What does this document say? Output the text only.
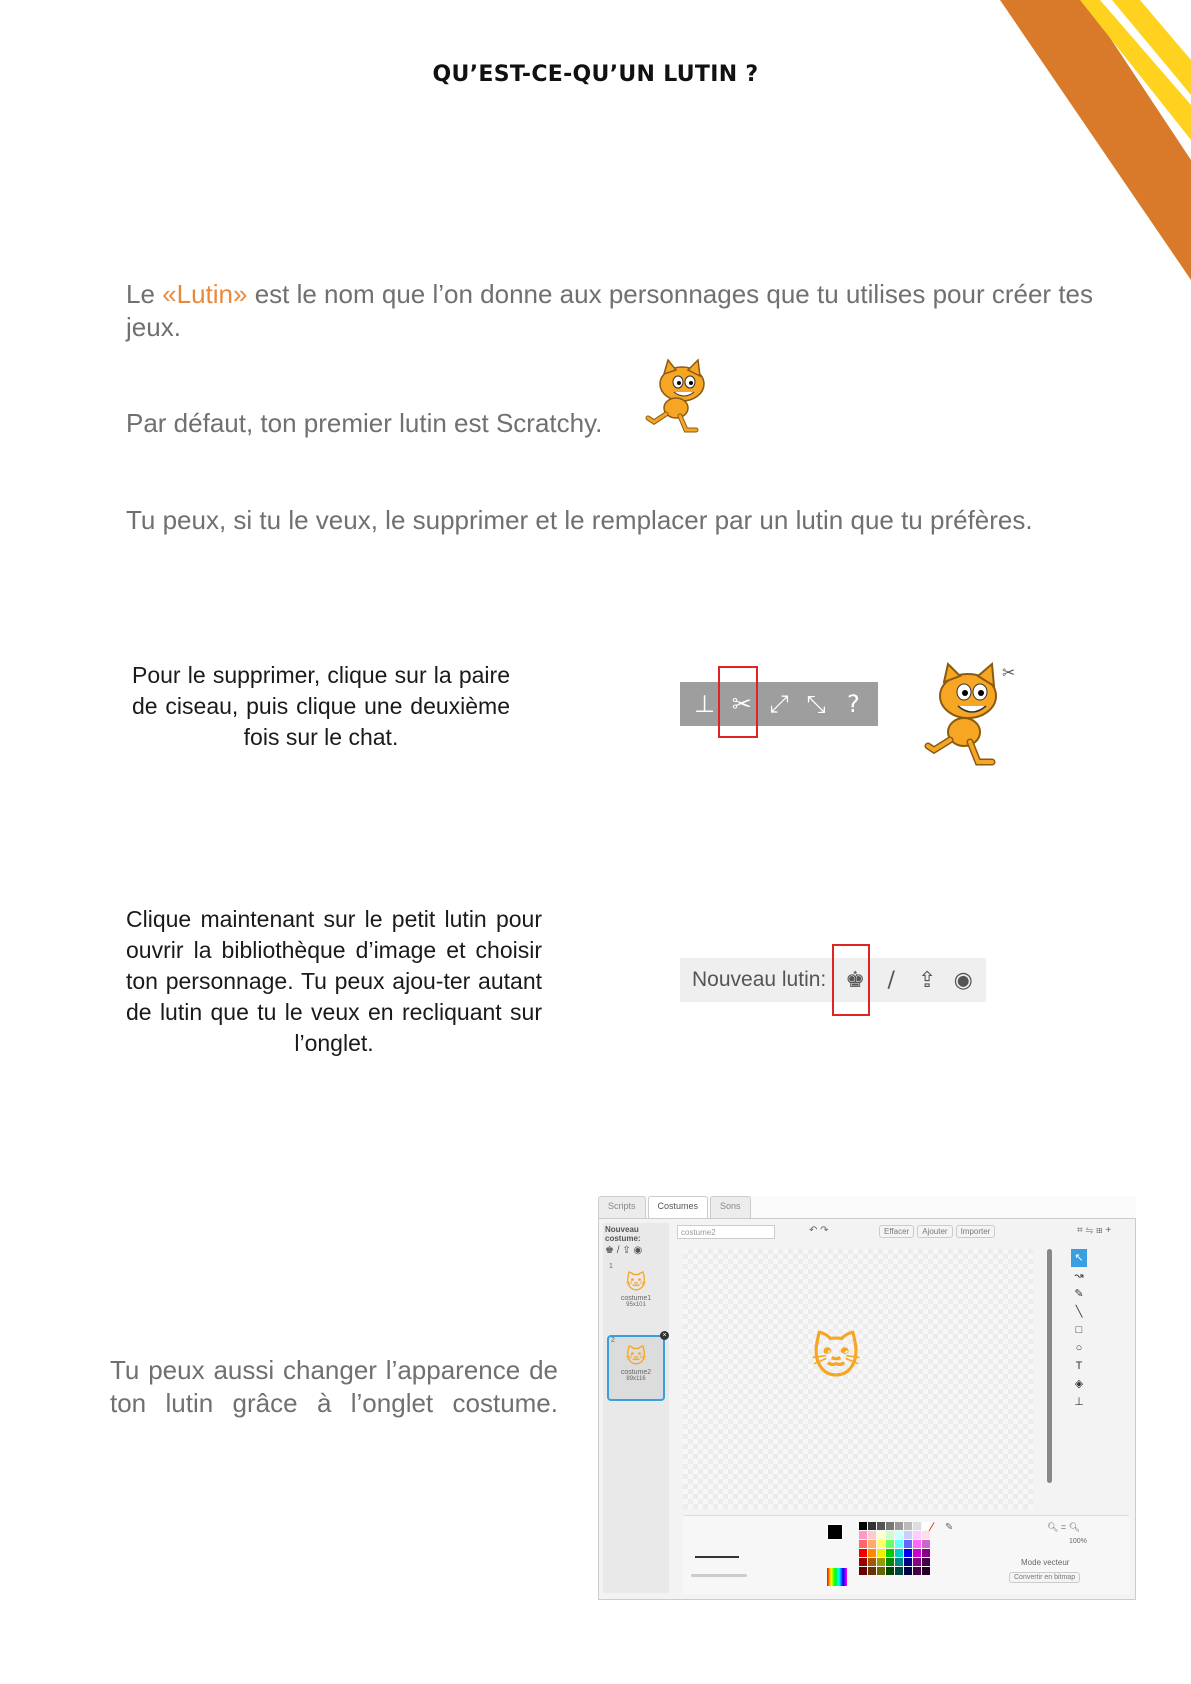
QU’EST-CE-QU’UN LUTIN ?
Le «Lutin» est le nom que l’on donne aux personnages que tu utilises pour créer tes jeux.
Par défaut, ton premier lutin est Scratchy.
Tu peux, si tu le veux, le supprimer et le remplacer par un lutin que tu préfères.
Pour le supprimer, clique sur la paire de ciseau, puis clique une deuxième fois sur le chat.
⊥ ✂ ⤢ ⤡ ?
✂
Clique maintenant sur le petit lutin pour ouvrir la bibliothèque d’image et choisir ton personnage. Tu peux ajou-ter autant de lutin que tu le veux en recliquant sur l’onglet.
Nouveau lutin: ♚	/	⇪ ◉
Tu peux aussi changer l’apparence de ton lutin grâce à l’onglet costume.
Scripts	Costumes	Sons
Nouveau costume:
♚ / ⇪ ◉
1
🐱︎
costume1
95x101
2
🐱︎
costume2
89x116
×
costume2
↶ ↷	Effacer	Ajouter	Importer	⌗ ⇋ ⊞ +
🐱︎
↖
↝
✎
╲
□
○
T
◈
⊥
⁄ ✎	🔍︎ = 🔍︎
100%
Mode vecteur
Convertir en bitmap
